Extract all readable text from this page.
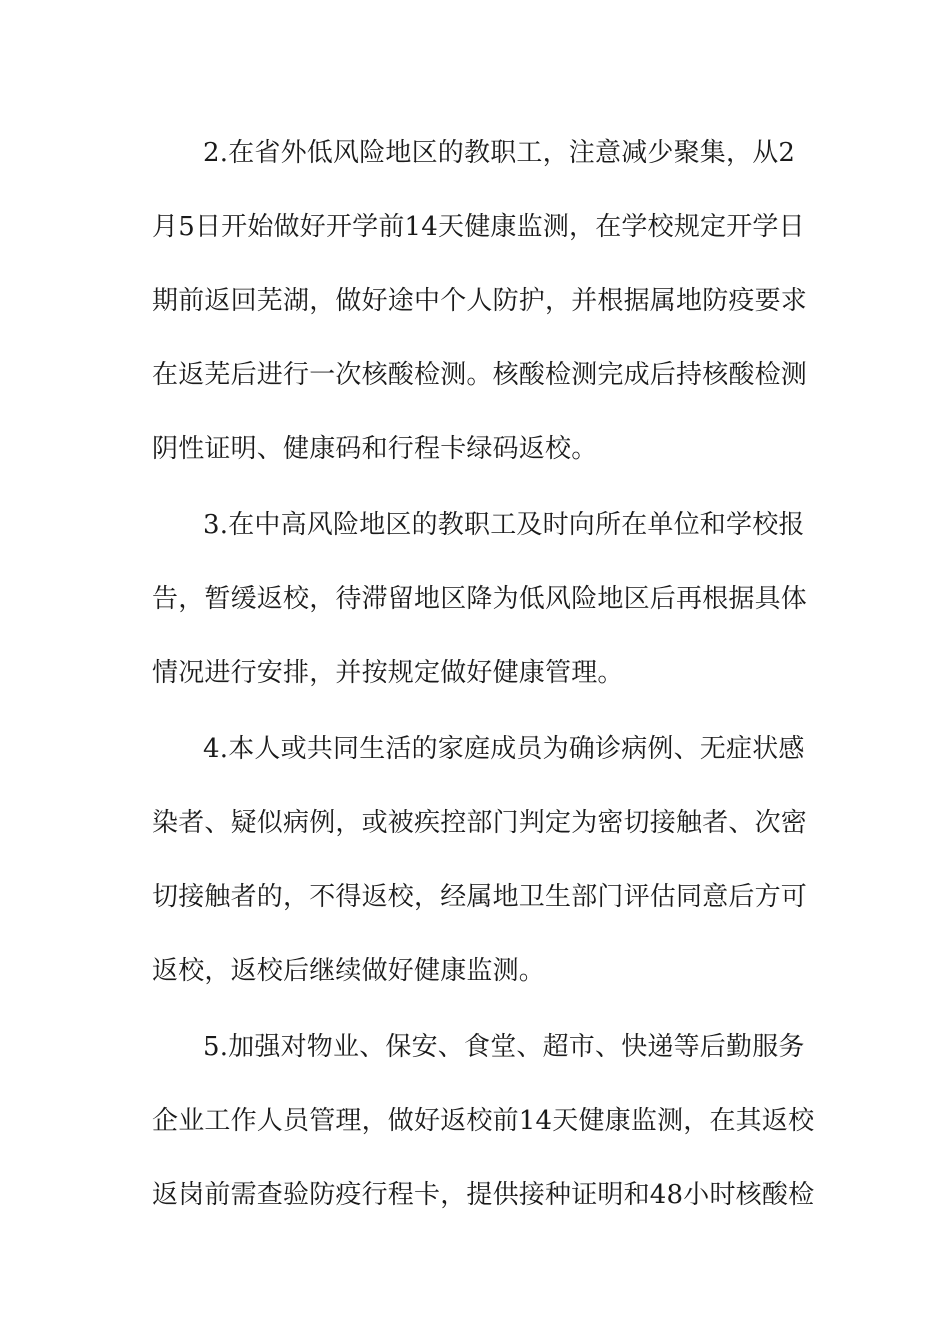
2.在省外低风险地区的教职工，注意减少聚集，从2
月5日开始做好开学前14天健康监测，在学校规定开学日
期前返回芜湖，做好途中个人防护，并根据属地防疫要求
在返芜后进行一次核酸检测。核酸检测完成后持核酸检测
阴性证明、健康码和行程卡绿码返校。
3.在中高风险地区的教职工及时向所在单位和学校报
告，暂缓返校，待滞留地区降为低风险地区后再根据具体
情况进行安排，并按规定做好健康管理。
4.本人或共同生活的家庭成员为确诊病例、无症状感
染者、疑似病例，或被疾控部门判定为密切接触者、次密
切接触者的，不得返校，经属地卫生部门评估同意后方可
返校，返校后继续做好健康监测。
5.加强对物业、保安、食堂、超市、快递等后勤服务
企业工作人员管理，做好返校前14天健康监测，在其返校
返岗前需查验防疫行程卡，提供接种证明和48小时核酸检
